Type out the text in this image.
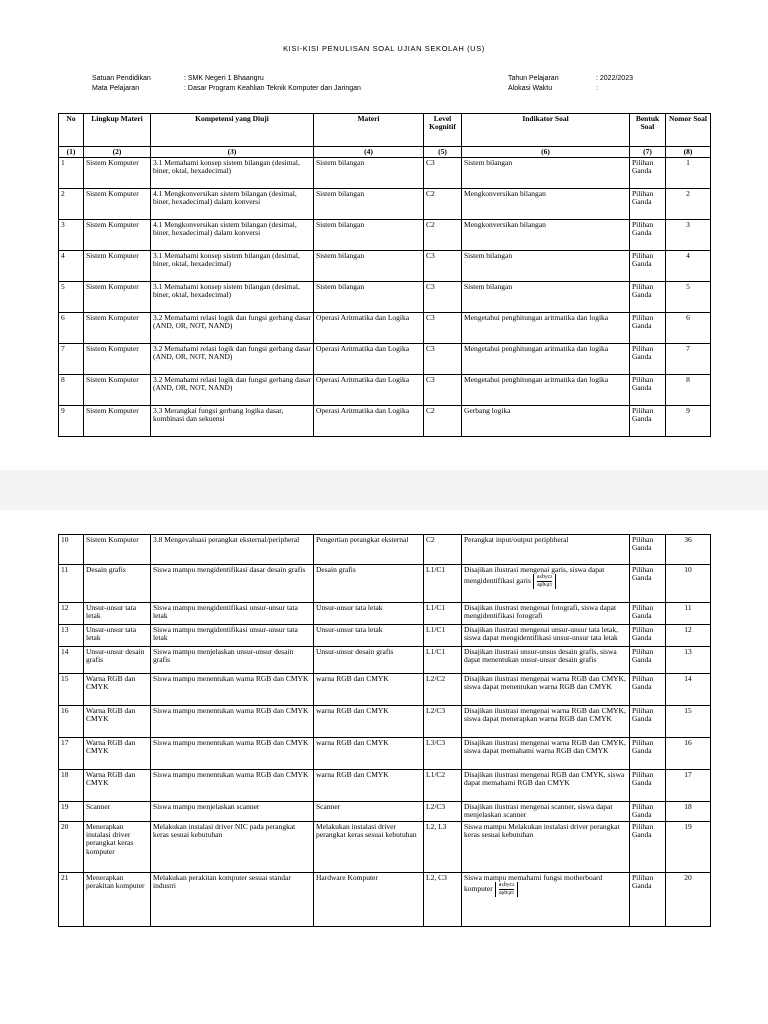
KISI-KISI PENULISAN SOAL UJIAN SEKOLAH (US)
Satuan Pendidikan	: SMK Negeri 1 Bhaangru
Mata Pelajaran	: Dasar Program Keahlian Teknik Komputer dan Jaringan
Tahun Pelajaran	: 2022/2023
Alokasi Waktu	:
No	Lingkup Materi	Kompetensi yang Diuji	Materi	Level Kognitif	Indikator Soal	Bentuk Soal	Nomor Soal
(1)	(2)	(3)	(4)	(5)	(6)	(7)	(8)
1	Sistem Komputer	3.1 Memahami konsep sistem bilangan (desimal, biner, oktal, hexadecimal)	Sistem bilangan	C3	Sistem bilangan	Pilihan Ganda	1
2	Sistem Komputer	4.1 Mengkonversikan sistem bilangan (desimal, biner, hexadecimal) dalam konversi	Sistem bilangan	C2	Mengkonversikan bilangan	Pilihan Ganda	2
3	Sistem Komputer	4.1 Mengkonversikan sistem bilangan (desimal, biner, hexadecimal) dalam konversi	Sistem bilangan	C2	Mengkonversikan bilangan	Pilihan Ganda	3
4	Sistem Komputer	3.1 Memahami konsep sistem bilangan (desimal, biner, oktal, hexadecimal)	Sistem bilangan	C3	Sistem bilangan	Pilihan Ganda	4
5	Sistem Komputer	3.1 Memahami konsep sistem bilangan (desimal, biner, oktal, hexadecimal)	Sistem bilangan	C3	Sistem bilangan	Pilihan Ganda	5
6	Sistem Komputer	3.2 Memahami relasi logik dan fungsi gerbang dasar (AND, OR, NOT, NAND)	Operasi Aritmatika dan Logika	C3	Mengetahui penghitungan aritmatika dan logika	Pilihan Ganda	6
7	Sistem Komputer	3.2 Memahami relasi logik dan fungsi gerbang dasar (AND, OR, NOT, NAND)	Operasi Aritmatika dan Logika	C3	Mengetahui penghitungan aritmatika dan logika	Pilihan Ganda	7
8	Sistem Komputer	3.2 Memahami relasi logik dan fungsi gerbang dasar (AND, OR, NOT, NAND)	Operasi Aritmatika dan Logika	C3	Mengetahui penghitungan aritmatika dan logika	Pilihan Ganda	8
9	Sistem Komputer	3.3 Merangkai fungsi gerbang logika dasar, kombinasi dan sekuensi	Operasi Aritmatika dan Logika	C2	Gerbang logika	Pilihan Ganda	9
10	Sistem Komputer	3.8 Mengevaluasi perangkat eksternal/peripheral	Pengertian perangkat eksternal	C2	Perangkat input/output periphheral	Pilihan Ganda	36
11	Desain grafis	Siswa mampu mengidentifikasi dasar desain grafis	Desain grafis	L1/C1	Disajikan ilustrasi mengenai garis, siswa dapat mengidentifikasi garis $\frac{a^xb^yc^z}{a^pb^qc^r}$	Pilihan Ganda	10
12	Unsur-unsur tata letak	Siswa mampu mengidentifikasi unsur-unsur tata letak	Unsur-unsur tata letak	L1/C1	Disajikan ilustrasi mengenai fotografi, siswa dapat mengidentifikasi fotografi	Pilihan Ganda	11
13	Unsur-unsur tata letak	Siswa mampu mengidentifikasi unsur-unsur tata letak	Unsur-unsur tata letak	L1/C1	Disajikan ilustrasi mengenai unsur-unsur tata letak, siswa dapat mengidentifikasi unsur-unsur tata letak	Pilihan Ganda	12
14	Unsur-unsur desain grafis	Siswa mampu menjelaskan unsur-unsur desain grafis	Unsur-unsur desain grafis	L1/C1	Disajikan ilustrasi unsur-unsus desain grafis, siswa dapat menentukan unsur-unsur desain grafis	Pilihan Ganda	13
15	Warna RGB dan CMYK	Siswa mampu menentukan warna RGB dan CMYK	warna RGB dan CMYK	L2/C2	Disajikan ilustrasi mengenai warna RGB dan CMYK, siswa dapat menentukan warna RGB dan CMYK	Pilihan Ganda	14
16	Warna RGB dan CMYK	Siswa mampu menentukan warna RGB dan CMYK	warna RGB dan CMYK	L2/C3	Disajikan ilustrasi mengenai warna RGB dan CMYK, siswa dapat menerapkan warna RGB dan CMYK	Pilihan Ganda	15
17	Warna RGB dan CMYK	Siswa mampu menentukan warna RGB dan CMYK	warna RGB dan CMYK	L3/C3	Disajikan ilustrasi mengenai warna RGB dan CMYK, siswa dapat memahami warna RGB dan CMYK	Pilihan Ganda	16
18	Warna RGB dan CMYK	Siswa mampu menentukan warna RGB dan CMYK	warna RGB dan CMYK	L1/C2	Disajikan ilustrasi mengenai RGB dan CMYK, siswa dapat memahami RGB dan CMYK	Pilihan Ganda	17
19	Scanner	Siswa mampu menjelaskan scanner	Scanner	L2/C3	Disajikan ilustrasi mengenai scanner, siswa dapat menjelaskan scanner	Pilihan Ganda	18
20	Menerapkan instalasi driver perangkat keras komputer	Melakukan instalasi driver NIC pada perangkat keras sesuai kebutuhan	Melakukan instalasi driver perangkat keras sesuai kebutuhan	L2, L3	Siswa mampu Melakukan instalasi driver perangkat keras sesuai kebutuhan	Pilihan Ganda	19
21	Menerapkan perakitan komputer	Melakukan perakitan komputer sesuai standar industri	Hardware Komputer	L2, C3	Siswa mampu memahami fungsi motherboard komputer $\frac{a^xb^yc^z}{a^pb^qc^r}$	Pilihan Ganda	20
